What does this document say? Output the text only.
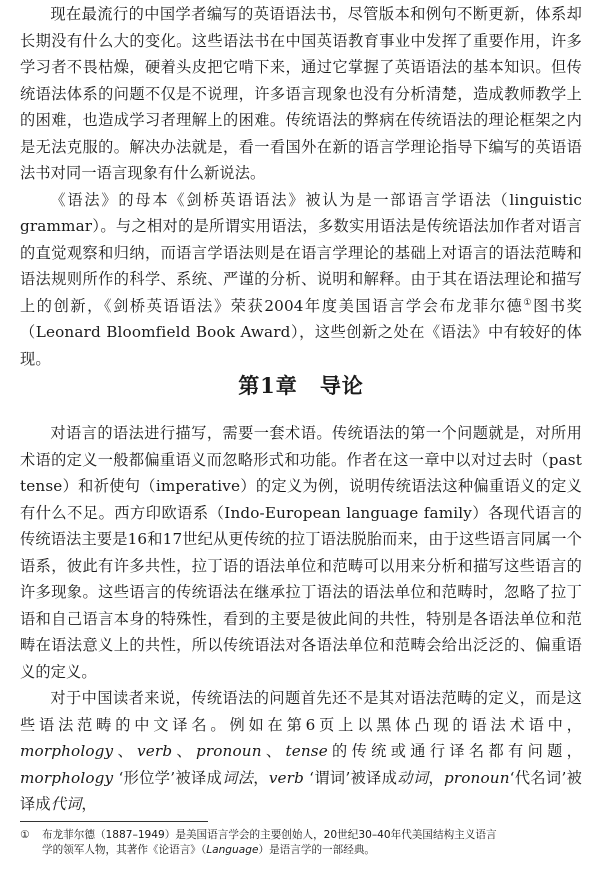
现在最流行的中国学者编写的英语语法书，尽管版本和例句不断更新，体系却长期没有什么大的变化。这些语法书在中国英语教育事业中发挥了重要作用，许多学习者不畏枯燥，硬着头皮把它啃下来，通过它掌握了英语语法的基本知识。但传统语法体系的问题不仅是不说理，许多语言现象也没有分析清楚，造成教师教学上的困难，也造成学习者理解上的困难。传统语法的弊病在传统语法的理论框架之内是无法克服的。解决办法就是，看一看国外在新的语言学理论指导下编写的英语语法书对同一语言现象有什么新说法。

《语法》的母本《剑桥英语语法》被认为是一部语言学语法（linguistic grammar）。与之相对的是所谓实用语法，多数实用语法是传统语法加作者对语言的直觉观察和归纳，而语言学语法则是在语言学理论的基础上对语言的语法范畴和语法规则所作的科学、系统、严谨的分析、说明和解释。由于其在语法理论和描写上的创新，《剑桥英语语法》荣获2004年度美国语言学会布龙菲尔德①图书奖（Leonard Bloomfield Book Award），这些创新之处在《语法》中有较好的体现。

第1章 导论

对语言的语法进行描写，需要一套术语。传统语法的第一个问题就是，对所用术语的定义一般都偏重语义而忽略形式和功能。作者在这一章中以对过去时（past tense）和祈使句（imperative）的定义为例，说明传统语法这种偏重语义的定义有什么不足。西方印欧语系（Indo-European language family）各现代语言的传统语法主要是16和17世纪从更传统的拉丁语法脱胎而来，由于这些语言同属一个语系，彼此有许多共性，拉丁语的语法单位和范畴可以用来分析和描写这些语言的许多现象。这些语言的传统语法在继承拉丁语法的语法单位和范畴时，忽略了拉丁语和自己语言本身的特殊性，看到的主要是彼此间的共性，特别是各语法单位和范畴在语法意义上的共性，所以传统语法对各语法单位和范畴会给出泛泛的、偏重语义的定义。

对于中国读者来说，传统语法的问题首先还不是其对语法范畴的定义，而是这些语法范畴的中文译名。例如在第6页上以黑体凸现的语法术语中，morphology、verb、pronoun、tense的传统或通行译名都有问题，morphology ‘形位学’被译成词法，verb ‘谓词’被译成动词，pronoun‘代名词’被译成代词，

① 布龙菲尔德（1887–1949）是美国语言学会的主要创始人，20世纪30–40年代美国结构主义语言
学的领军人物，其著作《论语言》（Language）是语言学的一部经典。
